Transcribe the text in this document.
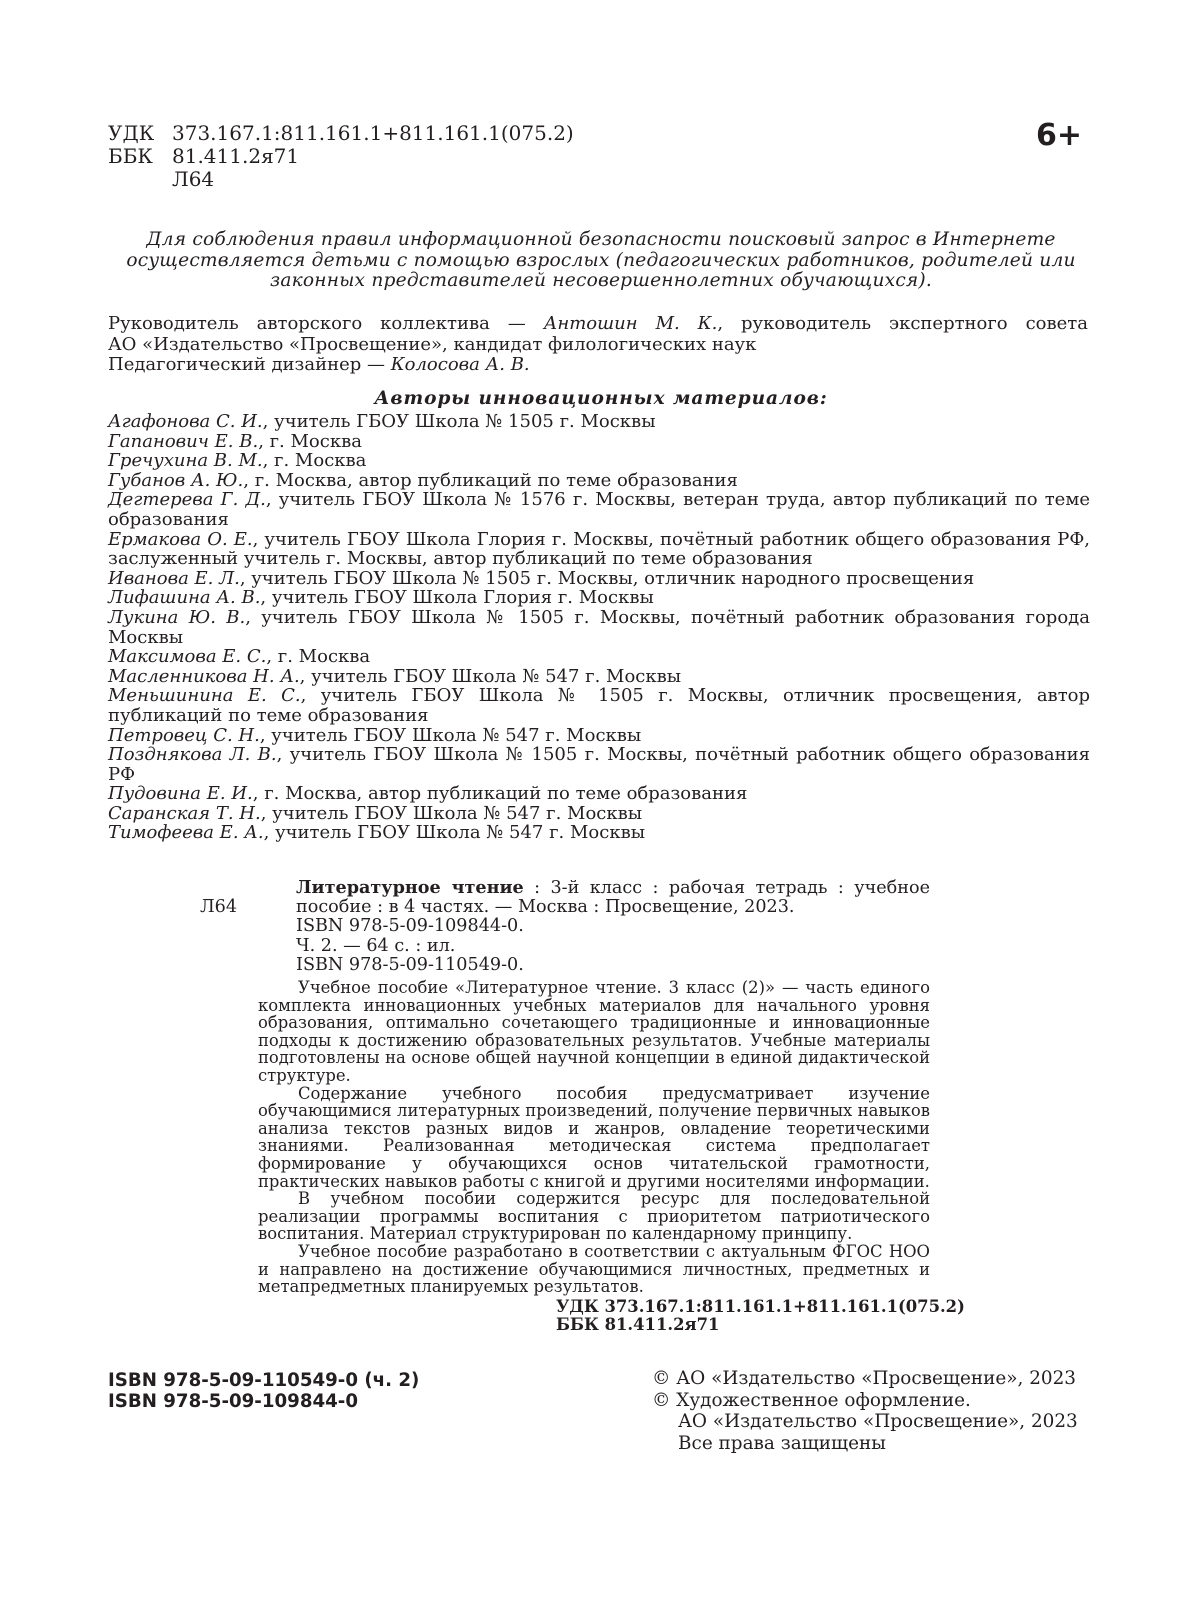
УДК 373.167.1:811.161.1+811.161.1(075.2)
ББК 81.411.2я71
Л64
6+
Для соблюдения правил информационной безопасности поисковый запрос в Интернете осуществляется детьми с помощью взрослых (педагогических работников, родителей или законных представителей несовершеннолетних обучающихся).

Руководитель авторского коллектива — Антошин М. К., руководитель экспертного совета

АО «Издательство «Просвещение», кандидат филологических наук

Педагогический дизайнер — Колосова А. В.

Авторы инновационных материалов:

Агафонова С. И., учитель ГБОУ Школа № 1505 г. Москвы

Гапанович Е. В., г. Москва

Гречухина В. М., г. Москва

Губанов А. Ю., г. Москва, автор публикаций по теме образования

Дегтерева Г. Д., учитель ГБОУ Школа № 1576 г. Москвы, ветеран труда, автор публикаций по теме образования

Ермакова О. Е., учитель ГБОУ Школа Глория г. Москвы, почётный работник общего образования РФ, заслуженный учитель г. Москвы, автор публикаций по теме образования

Иванова Е. Л., учитель ГБОУ Школа № 1505 г. Москвы, отличник народного просвещения

Лифашина А. В., учитель ГБОУ Школа Глория г. Москвы

Лукина Ю. В., учитель ГБОУ Школа № 1505 г. Москвы, почётный работник образования города Москвы

Максимова Е. С., г. Москва

Масленникова Н. А., учитель ГБОУ Школа № 547 г. Москвы

Меньшинина Е. С., учитель ГБОУ Школа № 1505 г. Москвы, отличник просвещения, автор публикаций по теме образования

Петровец С. Н., учитель ГБОУ Школа № 547 г. Москвы

Позднякова Л. В., учитель ГБОУ Школа № 1505 г. Москвы, почётный работник общего образования РФ

Пудовина Е. И., г. Москва, автор публикаций по теме образования

Саранская Т. Н., учитель ГБОУ Школа № 547 г. Москвы

Тимофеева Е. А., учитель ГБОУ Школа № 547 г. Москвы

Литературное чтение : 3-й класс : рабочая тетрадь : учебное
Л64	пособие : в 4 частях. — Москва : Просвещение, 2023.
ISBN 978-5-09-109844-0.
Ч. 2. — 64 с. : ил.
ISBN 978-5-09-110549-0.

Учебное пособие «Литературное чтение. 3 класс (2)» — часть единого комплекта инновационных учебных материалов для начального уровня образования, оптимально сочетающего традиционные и инновационные подходы к достижению образовательных результатов. Учебные материалы подготовлены на основе общей научной концепции в единой дидактической структуре.

Содержание учебного пособия предусматривает изучение обучающимися литературных произведений, получение первичных навыков анализа текстов разных видов и жанров, овладение теоретическими знаниями. Реализованная методическая система предполагает формирование у обучающихся основ читательской грамотности, практических навыков работы с книгой и другими носителями информации.

В учебном пособии содержится ресурс для последовательной реализации программы воспитания с приоритетом патриотического воспитания. Материал структурирован по календарному принципу.

Учебное пособие разработано в соответствии с актуальным ФГОС НОО и направлено на достижение обучающимися личностных, предметных и метапредметных планируемых результатов.

УДК 373.167.1:811.161.1+811.161.1(075.2)
ББК 81.411.2я71
ISBN 978-5-09-110549-0 (ч. 2)
ISBN 978-5-09-109844-0
© АО «Издательство «Просвещение», 2023
© Художественное оформление.
АО «Издательство «Просвещение», 2023
Все права защищены
